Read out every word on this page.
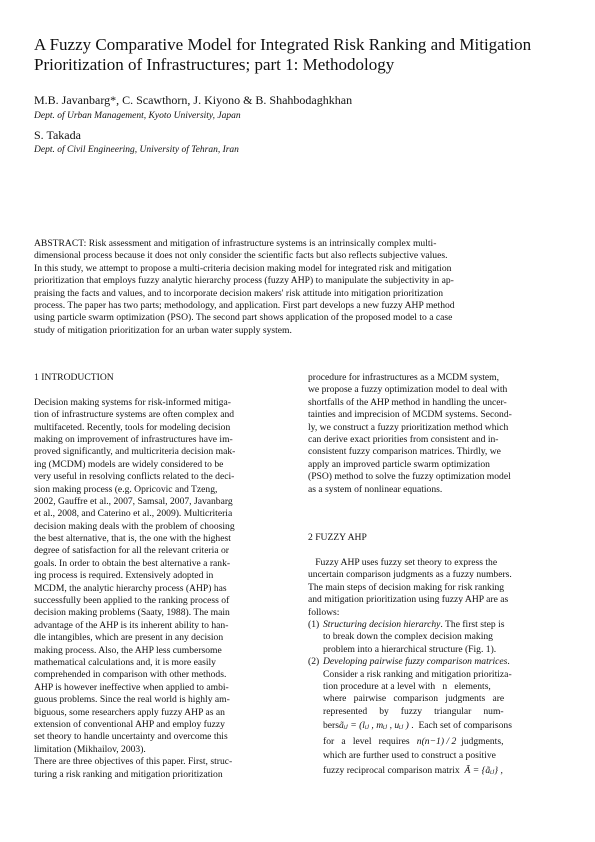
A Fuzzy Comparative Model for Integrated Risk Ranking and Mitigation
Prioritization of Infrastructures; part 1: Methodology
M.B. Javanbarg*, C. Scawthorn, J. Kiyono & B. Shahbodaghkhan
Dept. of Urban Management, Kyoto University, Japan
S. Takada
Dept. of Civil Engineering, University of Tehran, Iran
ABSTRACT: Risk assessment and mitigation of infrastructure systems is an intrinsically complex multi-
dimensional process because it does not only consider the scientific facts but also reflects subjective values.
In this study, we attempt to propose a multi-criteria decision making model for integrated risk and mitigation
prioritization that employs fuzzy analytic hierarchy process (fuzzy AHP) to manipulate the subjectivity in ap-
praising the facts and values, and to incorporate decision makers' risk attitude into mitigation prioritization
process. The paper has two parts; methodology, and application. First part develops a new fuzzy AHP method
using particle swarm optimization (PSO). The second part shows application of the proposed model to a case
study of mitigation prioritization for an urban water supply system.
1 INTRODUCTION
Decision making systems for risk-informed mitiga-
tion of infrastructure systems are often complex and
multifaceted. Recently, tools for modeling decision
making on improvement of infrastructures have im-
proved significantly, and multicriteria decision mak-
ing (MCDM) models are widely considered to be
very useful in resolving conflicts related to the deci-
sion making process (e.g. Opricovic and Tzeng,
2002, Gauffre et al., 2007, Samsal, 2007, Javanbarg
et al., 2008, and Caterino et al., 2009). Multicriteria
decision making deals with the problem of choosing
the best alternative, that is, the one with the highest
degree of satisfaction for all the relevant criteria or
goals. In order to obtain the best alternative a rank-
ing process is required. Extensively adopted in
MCDM, the analytic hierarchy process (AHP) has
successfully been applied to the ranking process of
decision making problems (Saaty, 1988). The main
advantage of the AHP is its inherent ability to han-
dle intangibles, which are present in any decision
making process. Also, the AHP less cumbersome
mathematical calculations and, it is more easily
comprehended in comparison with other methods.
AHP is however ineffective when applied to ambi-
guous problems. Since the real world is highly am-
biguous, some researchers apply fuzzy AHP as an
extension of conventional AHP and employ fuzzy
set theory to handle uncertainty and overcome this
limitation (Mikhailov, 2003).
There are three objectives of this paper. First, struc-
turing a risk ranking and mitigation prioritization
procedure for infrastructures as a MCDM system,
we propose a fuzzy optimization model to deal with
shortfalls of the AHP method in handling the uncer-
tainties and imprecision of MCDM systems. Second-
ly, we construct a fuzzy prioritization method which
can derive exact priorities from consistent and in-
consistent fuzzy comparison matrices. Thirdly, we
apply an improved particle swarm optimization
(PSO) method to solve the fuzzy optimization model
as a system of nonlinear equations.
2 FUZZY AHP
Fuzzy AHP uses fuzzy set theory to express the
uncertain comparison judgments as a fuzzy numbers.
The main steps of decision making for risk ranking
and mitigation prioritization using fuzzy AHP are as
follows:
(1) Structuring decision hierarchy. The first step is
to break down the complex decision making
problem into a hierarchical structure (Fig. 1).
(2) Developing pairwise fuzzy comparison matrices.
Consider a risk ranking and mitigation prioritiza-
tion procedure at a level with   n   elements,
where   pairwise   comparison   judgments   are
represented     by     fuzzy     triangular     num-
bersãᵢⱼ = (lᵢⱼ , mᵢⱼ , uᵢⱼ ) .  Each set of comparisons
for   a   level   requires n(n−1) / 2  judgments,
which are further used to construct a positive
fuzzy reciprocal comparison matrix Ã = {ãᵢⱼ} ,
